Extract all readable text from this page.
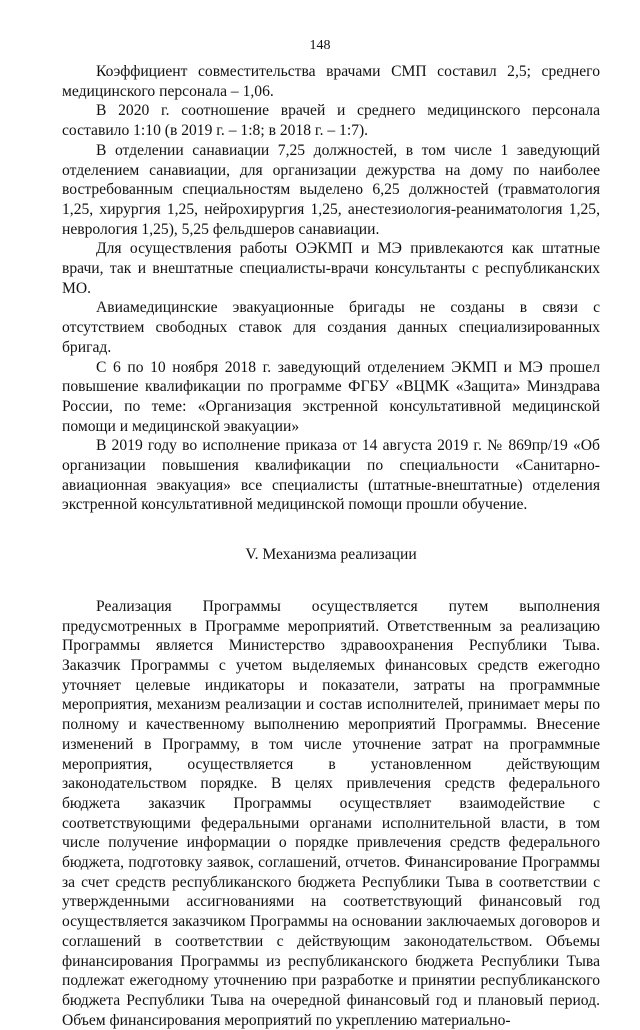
148

Коэффициент совместительства врачами СМП составил 2,5; среднего медицинского персонала – 1,06.

В 2020 г. соотношение врачей и среднего медицинского персонала составило 1:10 (в 2019 г. – 1:8; в 2018 г. – 1:7).

В отделении санавиации 7,25 должностей, в том числе 1 заведующий отделением санавиации, для организации дежурства на дому по наиболее востребованным специальностям выделено 6,25 должностей (травматология 1,25, хирургия 1,25, нейрохирургия 1,25, анестезиология-реаниматология 1,25, неврология 1,25), 5,25 фельдшеров санавиации.

Для осуществления работы ОЭКМП и МЭ привлекаются как штатные врачи, так и внештатные специалисты-врачи консультанты с республиканских МО.

Авиамедицинские эвакуационные бригады не созданы в связи с отсутствием свободных ставок для создания данных специализированных бригад.

С 6 по 10 ноября 2018 г. заведующий отделением ЭКМП и МЭ прошел повышение квалификации по программе ФГБУ «ВЦМК «Защита» Минздрава России, по теме: «Организация экстренной консультативной медицинской помощи и медицинской эвакуации»

В 2019 году во исполнение приказа от 14 августа 2019 г. № 869пр/19 «Об организации повышения квалификации по специальности «Санитарно-авиационная эвакуация» все специалисты (штатные-внештатные) отделения экстренной консультативной медицинской помощи прошли обучение.

V. Механизма реализации

Реализация Программы осуществляется путем выполнения предусмотренных в Программе мероприятий. Ответственным за реализацию Программы является Министерство здравоохранения Республики Тыва. Заказчик Программы с учетом выделяемых финансовых средств ежегодно уточняет целевые индикаторы и показатели, затраты на программные мероприятия, механизм реализации и состав исполнителей, принимает меры по полному и качественному выполнению мероприятий Программы. Внесение изменений в Программу, в том числе уточнение затрат на программные мероприятия, осуществляется в установленном действующим законодательством порядке. В целях привлечения средств федерального бюджета заказчик Программы осуществляет взаимодействие с соответствующими федеральными органами исполнительной власти, в том числе получение информации о порядке привлечения средств федерального бюджета, подготовку заявок, соглашений, отчетов. Финансирование Программы за счет средств республиканского бюджета Республики Тыва в соответствии с утвержденными ассигнованиями на соответствующий финансовый год осуществляется заказчиком Программы на основании заключаемых договоров и соглашений в соответствии с действующим законодательством. Объемы финансирования Программы из республиканского бюджета Республики Тыва подлежат ежегодному уточнению при разработке и принятии республиканского бюджета Республики Тыва на очередной финансовый год и плановый период. Объем финансирования мероприятий по укреплению материально-
